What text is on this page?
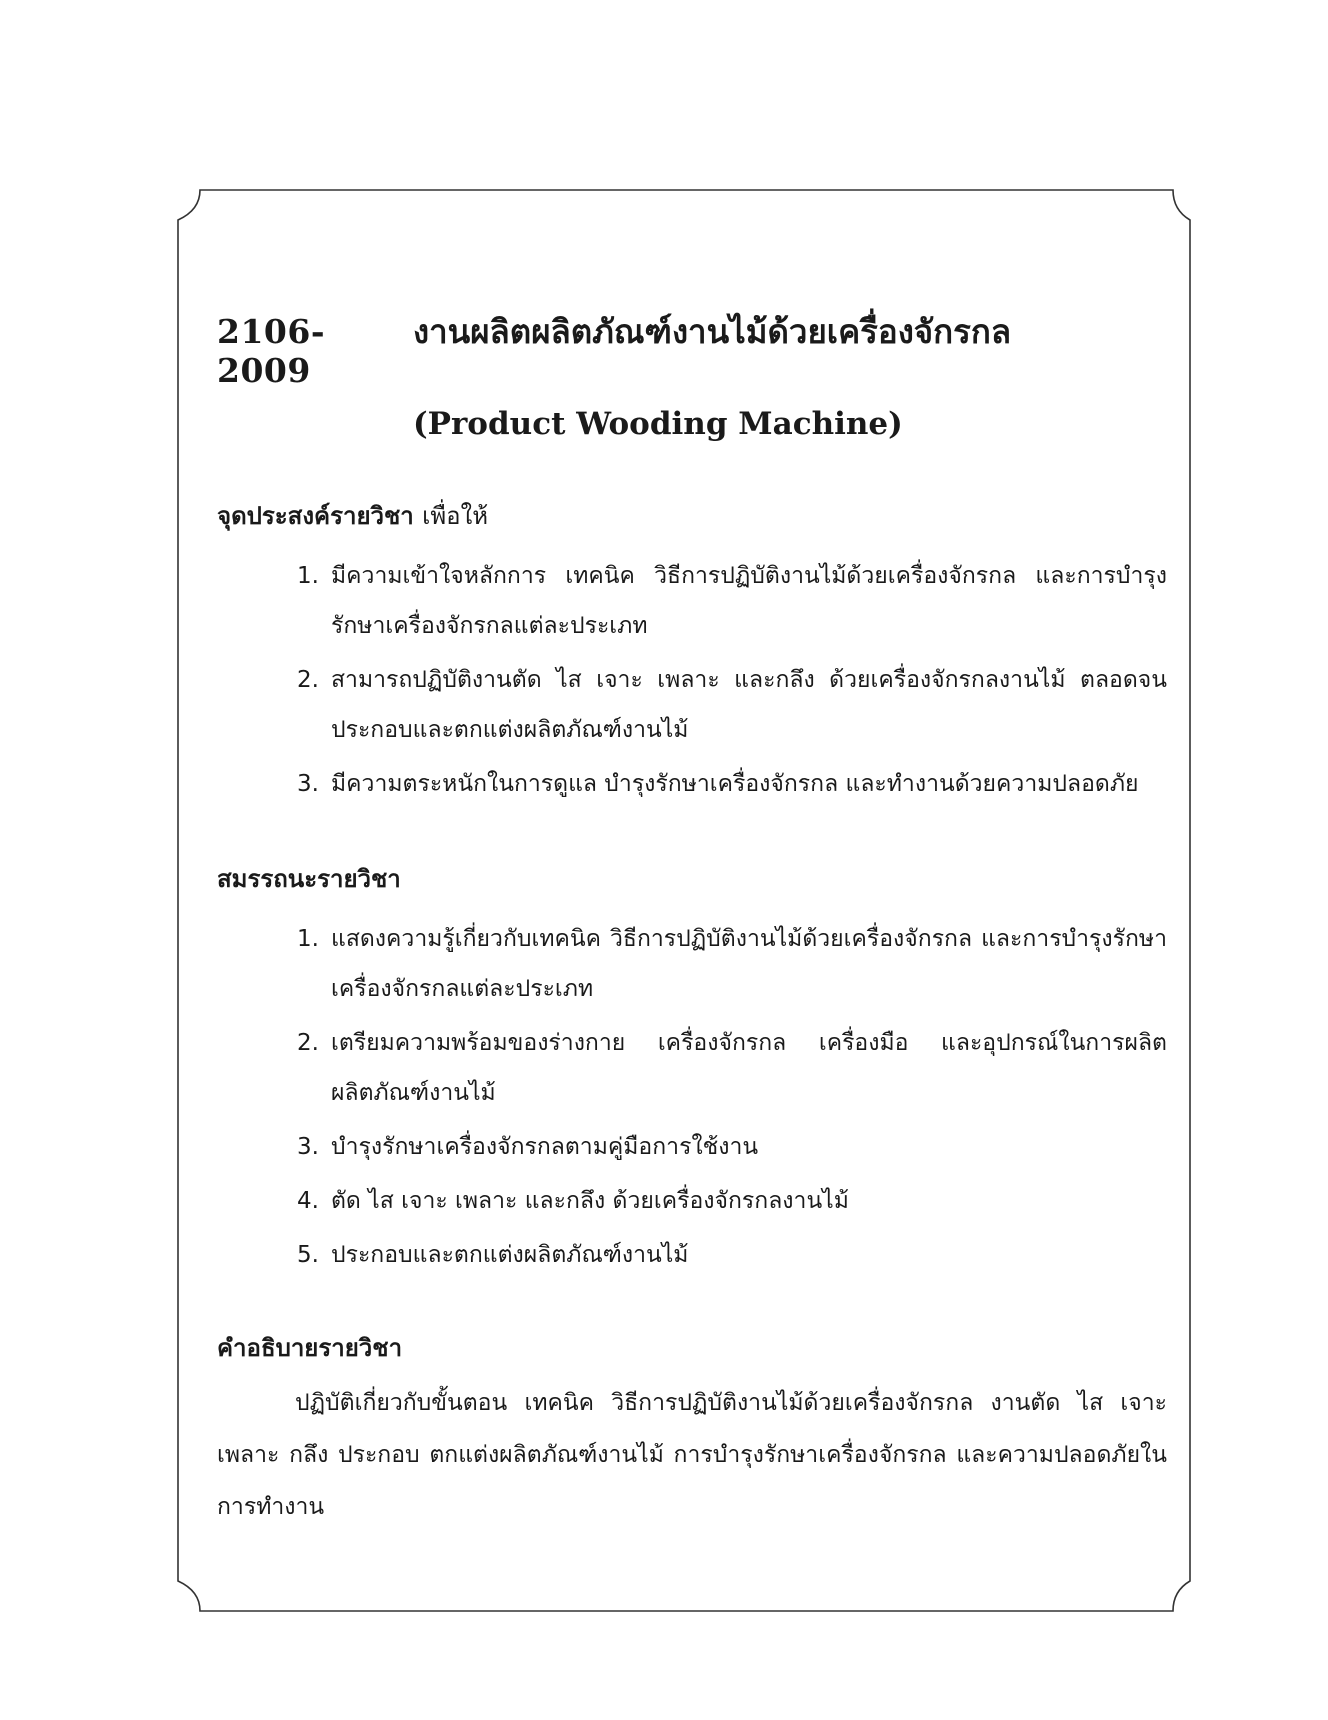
2106-2009
งานผลิตผลิตภัณฑ์งานไม้ด้วยเครื่องจักรกล
(Product Wooding Machine)
จุดประสงค์รายวิชา เพื่อให้
1. มีความเข้าใจหลักการ เทคนิค วิธีการปฏิบัติงานไม้ด้วยเครื่องจักรกล และการบำรุงรักษาเครื่องจักรกลแต่ละประเภท
2. สามารถปฏิบัติงานตัด ไส เจาะ เพลาะ และกลึง ด้วยเครื่องจักรกลงานไม้ ตลอดจนประกอบและตกแต่งผลิตภัณฑ์งานไม้
3. มีความตระหนักในการดูแล บำรุงรักษาเครื่องจักรกล และทำงานด้วยความปลอดภัย
สมรรถนะรายวิชา
1. แสดงความรู้เกี่ยวกับเทคนิค วิธีการปฏิบัติงานไม้ด้วยเครื่องจักรกล และการบำรุงรักษาเครื่องจักรกลแต่ละประเภท
2. เตรียมความพร้อมของร่างกาย เครื่องจักรกล เครื่องมือ และอุปกรณ์ในการผลิตผลิตภัณฑ์งานไม้
3. บำรุงรักษาเครื่องจักรกลตามคู่มือการใช้งาน
4. ตัด ไส เจาะ เพลาะ และกลึง ด้วยเครื่องจักรกลงานไม้
5. ประกอบและตกแต่งผลิตภัณฑ์งานไม้
คำอธิบายรายวิชา

ปฏิบัติเกี่ยวกับขั้นตอน เทคนิค วิธีการปฏิบัติงานไม้ด้วยเครื่องจักรกล งานตัด ไส เจาะ เพลาะ กลึง ประกอบ ตกแต่งผลิตภัณฑ์งานไม้ การบำรุงรักษาเครื่องจักรกล และความปลอดภัยในการทำงาน
